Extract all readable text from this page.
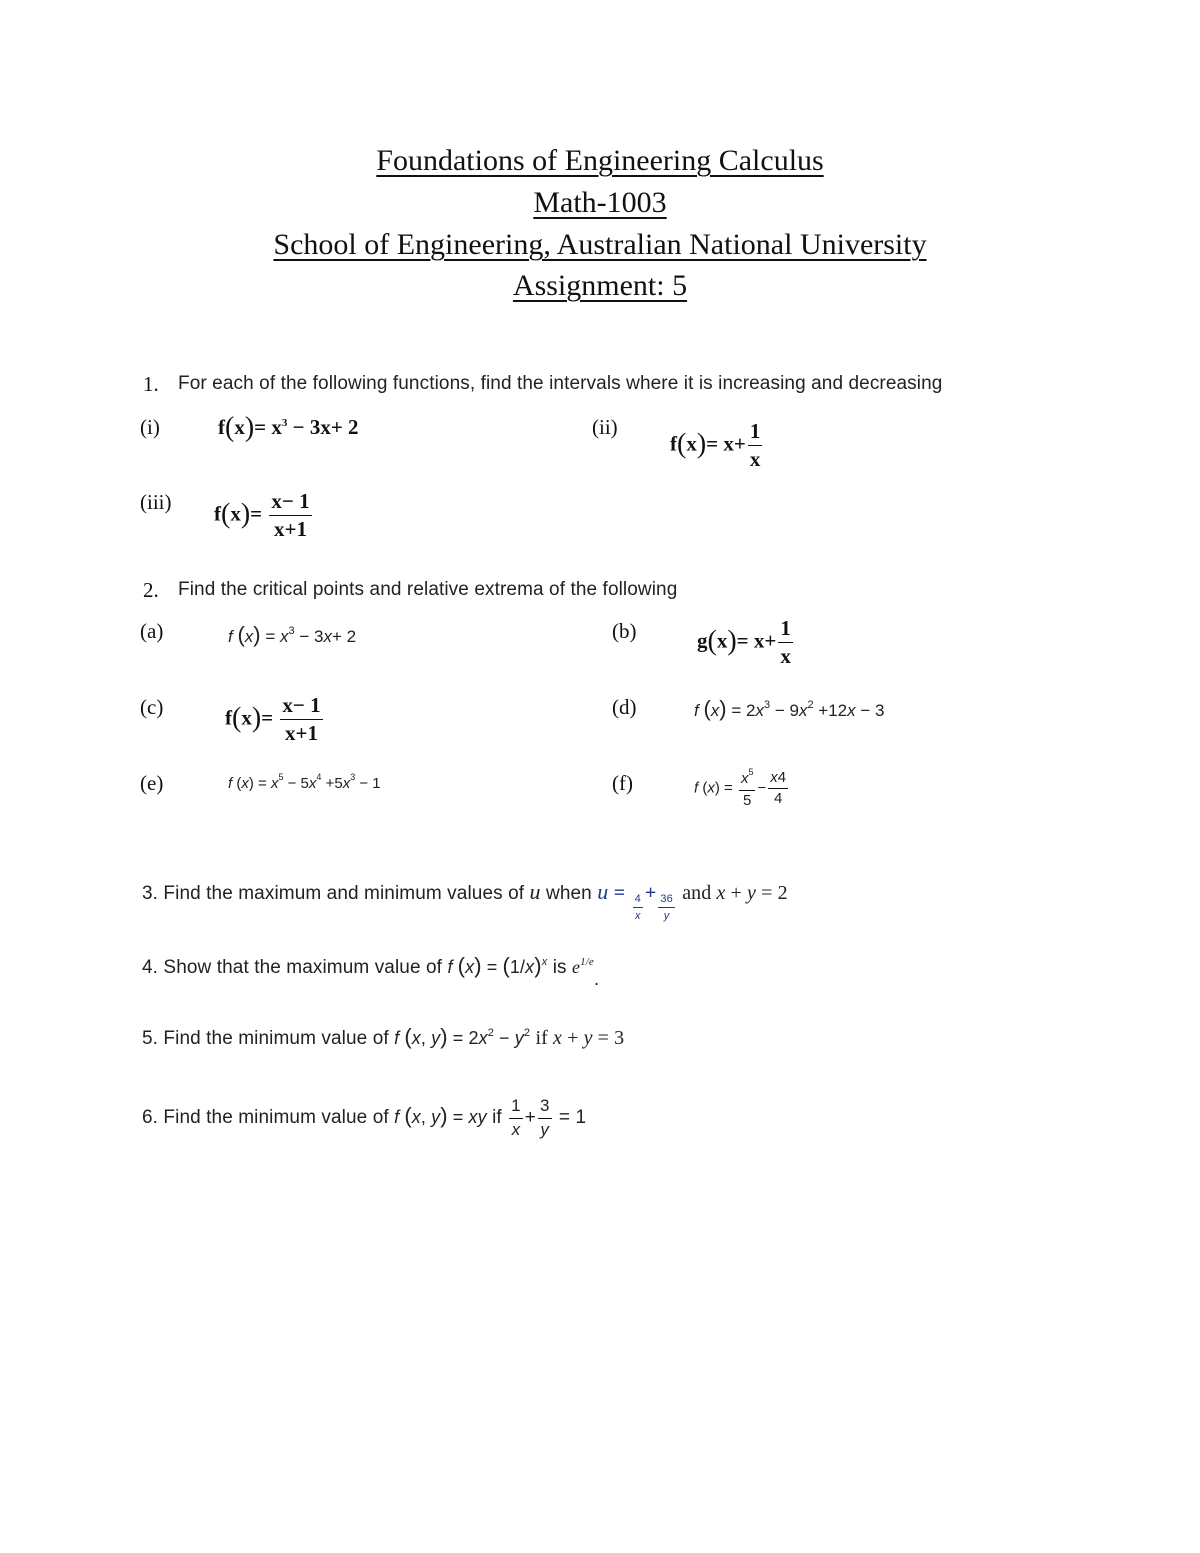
Foundations of Engineering Calculus
Math-1003
School of Engineering, Australian National University
Assignment: 5
1. For each of the following functions, find the intervals where it is increasing and decreasing
(i)	$f(x)= x^3 - 3x+ 2$	(ii)
$f(x)= x+ \frac{1}{x}$
(iii) $f(x)= \frac{x- 1}{x+1}$
2. Find the critical points and relative extrema of the following
(a)	f $(x) = x^3 - 3x+ 2$	(b)	$g(x)= x+ \frac{1}{x}$
(c)	$f(x)= \frac{x- 1}{x+1}$	(d)	f $(x) = 2x^3 - 9x^2 +12x - 3$
(e)	f $(x) = x^5 - 5x^4 +5x^3 - 1$	(f)	f $(x) = \frac{x^5}{5} - \frac{x4}{4}$
3. Find the maximum and minimum values of u when $u = \frac{4}{x} + \frac{36}{y}$ and x + y = 2
4. Show that the maximum value of f $(x) = (1/x)^x$ is $e^{1/e}$.
5. Find the minimum value of f (x, $y) = 2x^2 - y^2$ if x + y = 3
6. Find the minimum value of f (x, y) = xy if $\frac{1}{x} + \frac{3}{y} = 1$
